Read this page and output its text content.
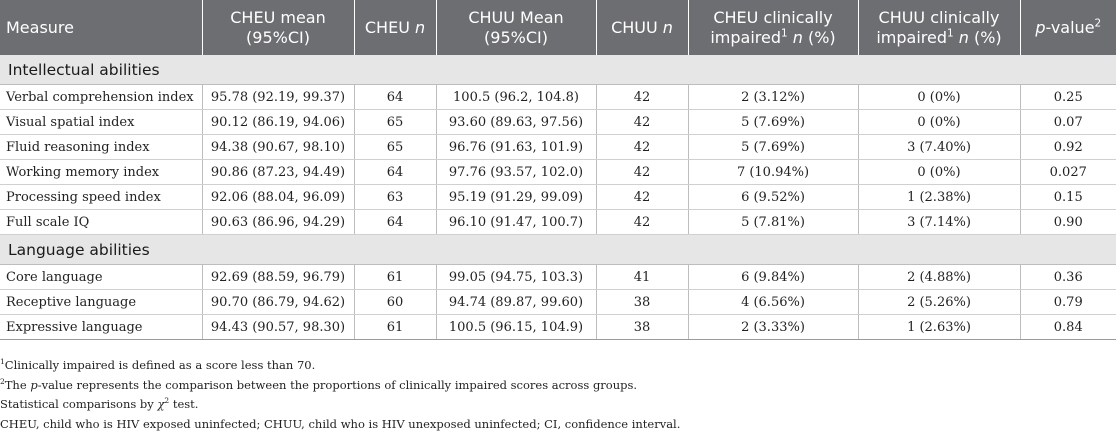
Measure	CHEU mean (95%CI)	CHEU n	CHUU Mean (95%CI)	CHUU n	CHEU clinically impaired$^1$ n (%)	CHUU clinically impaired$^1$ n (%)	p-value$^2$
Intellectual abilities							
Verbal comprehension index	95.78 (92.19, 99.37)	64	100.5 (96.2, 104.8)	42	2 (3.12%)	0 (0%)	0.25
Visual spatial index	90.12 (86.19, 94.06)	65	93.60 (89.63, 97.56)	42	5 (7.69%)	0 (0%)	0.07
Fluid reasoning index	94.38 (90.67, 98.10)	65	96.76 (91.63, 101.9)	42	5 (7.69%)	3 (7.40%)	0.92
Working memory index	90.86 (87.23, 94.49)	64	97.76 (93.57, 102.0)	42	7 (10.94%)	0 (0%)	0.027
Processing speed index	92.06 (88.04, 96.09)	63	95.19 (91.29, 99.09)	42	6 (9.52%)	1 (2.38%)	0.15
Full scale IQ	90.63 (86.96, 94.29)	64	96.10 (91.47, 100.7)	42	5 (7.81%)	3 (7.14%)	0.90
Language abilities							
Core language	92.69 (88.59, 96.79)	61	99.05 (94.75, 103.3)	41	6 (9.84%)	2 (4.88%)	0.36
Receptive language	90.70 (86.79, 94.62)	60	94.74 (89.87, 99.60)	38	4 (6.56%)	2 (5.26%)	0.79
Expressive language	94.43 (90.57, 98.30)	61	100.5 (96.15, 104.9)	38	2 (3.33%)	1 (2.63%)	0.84
$^1$Clinically impaired is defined as a score less than 70.
$^2$The p-value represents the comparison between the proportions of clinically impaired scores across groups.
Statistical comparisons by $\chi^2$ test.
CHEU, child who is HIV exposed uninfected; CHUU, child who is HIV unexposed uninfected; CI, confidence interval.
